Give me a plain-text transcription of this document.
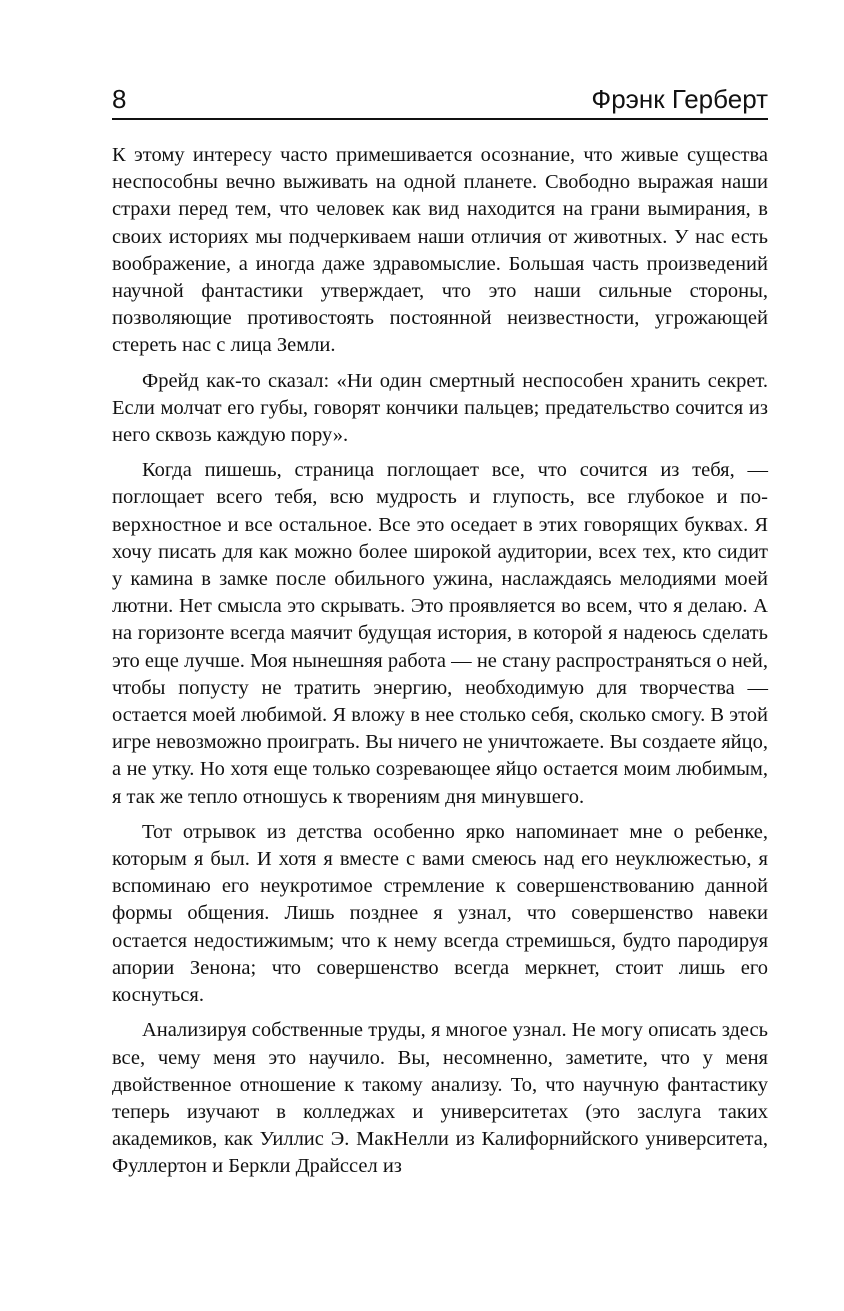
8	Фрэнк Герберт

К этому интересу часто примешивается осознание, что живые существа неспособны вечно выживать на одной планете. Свободно выражая наши страхи перед тем, что человек как вид находится на грани вымирания, в своих историях мы подчеркиваем наши отличия от животных. У нас есть воображение, а иногда даже здравомыслие. Большая часть произведений научной фантастики утверждает, что это наши сильные стороны, позволяющие противостоять постоянной неизвестности, угрожающей стереть нас с лица Земли.

Фрейд как-то сказал: «Ни один смертный неспособен хранить секрет. Если молчат его губы, говорят кончики пальцев; предательство сочится из него сквозь каждую пору».

Когда пишешь, страница поглощает все, что сочится из тебя, — поглощает всего тебя, всю мудрость и глупость, все глубокое и поверхностное и все остальное. Все это оседает в этих говорящих буквах. Я хочу писать для как можно более широкой аудитории, всех тех, кто сидит у камина в замке после обильного ужина, наслаждаясь мелодиями моей лютни. Нет смысла это скрывать. Это проявляется во всем, что я делаю. А на горизонте всегда маячит будущая история, в которой я надеюсь сделать это еще лучше. Моя нынешняя работа — не стану распространяться о ней, чтобы попусту не тратить энергию, необходимую для творчества — остается моей любимой. Я вложу в нее столько себя, сколько смогу. В этой игре невозможно проиграть. Вы ничего не уничтожаете. Вы создаете яйцо, а не утку. Но хотя еще только созревающее яйцо остается моим любимым, я так же тепло отношусь к творениям дня минувшего.

Тот отрывок из детства особенно ярко напоминает мне о ребенке, которым я был. И хотя я вместе с вами смеюсь над его неуклюжестью, я вспоминаю его неукротимое стремление к совершенствованию данной формы общения. Лишь позднее я узнал, что совершенство навеки остается недостижимым; что к нему всегда стремишься, будто пародируя апории Зенона; что совершенство всегда меркнет, стоит лишь его коснуться.

Анализируя собственные труды, я многое узнал. Не могу описать здесь все, чему меня это научило. Вы, несомненно, заметите, что у меня двойственное отношение к такому анализу. То, что научную фантастику теперь изучают в колледжах и университетах (это заслуга таких академиков, как Уиллис Э. МакНелли из Калифорнийского университета, Фуллертон и Беркли Драйссел из
